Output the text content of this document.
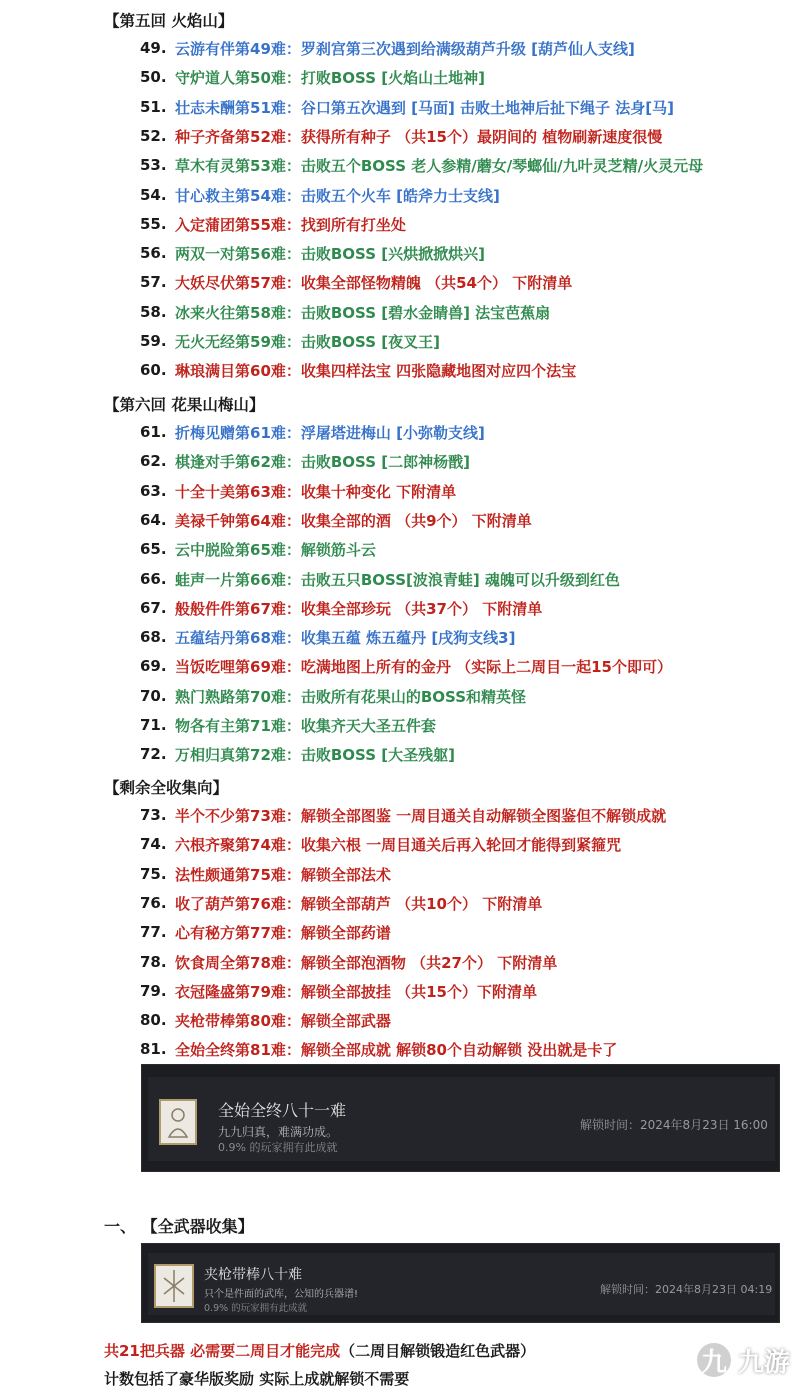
【第五回 火焰山】
【第六回 花果山梅山】
【剩余全收集向】
49. 云游有伴第49难：罗刹宫第三次遇到给满级葫芦升级 [葫芦仙人支线]
50. 守炉道人第50难：打败BOSS [火焰山土地神]
51. 壮志未酬第51难：谷口第五次遇到 [马面] 击败土地神后扯下绳子 法身[马]
52. 种子齐备第52难：获得所有种子 （共15个）最阴间的 植物刷新速度很慢
53. 草木有灵第53难：击败五个BOSS 老人参精/蘑女/琴螂仙/九叶灵芝精/火灵元母
54. 甘心救主第54难：击败五个火车 [皓斧力士支线]
55. 入定蒲团第55难：找到所有打坐处
56. 两双一对第56难：击败BOSS [兴烘掀掀烘兴]
57. 大妖尽伏第57难：收集全部怪物精魄 （共54个） 下附清单
58. 冰来火往第58难：击败BOSS [碧水金睛兽] 法宝芭蕉扇
59. 无火无经第59难：击败BOSS [夜叉王]
60. 琳琅满目第60难：收集四样法宝 四张隐藏地图对应四个法宝
61. 折梅见赠第61难：浮屠塔进梅山 [小弥勒支线]
62. 棋逢对手第62难：击败BOSS [二郎神杨戬]
63. 十全十美第63难：收集十种变化 下附清单
64. 美禄千钟第64难：收集全部的酒 （共9个） 下附清单
65. 云中脱险第65难：解锁筋斗云
66. 蛙声一片第66难：击败五只BOSS[波浪青蛙] 魂魄可以升级到红色
67. 般般件件第67难：收集全部珍玩 （共37个） 下附清单
68. 五蕴结丹第68难：收集五蕴 炼五蕴丹 [戌狗支线3]
69. 当饭吃哩第69难：吃满地图上所有的金丹 （实际上二周目一起15个即可）
70. 熟门熟路第70难：击败所有花果山的BOSS和精英怪
71. 物各有主第71难：收集齐天大圣五件套
72. 万相归真第72难：击败BOSS [大圣残躯]
73. 半个不少第73难：解锁全部图鉴 一周目通关自动解锁全图鉴但不解锁成就
74. 六根齐聚第74难：收集六根 一周目通关后再入轮回才能得到紧箍咒
75. 法性颇通第75难：解锁全部法术
76. 收了葫芦第76难：解锁全部葫芦 （共10个） 下附清单
77. 心有秘方第77难：解锁全部药谱
78. 饮食周全第78难：解锁全部泡酒物 （共27个） 下附清单
79. 衣冠隆盛第79难：解锁全部披挂 （共15个）下附清单
80. 夹枪带棒第80难：解锁全部武器
81. 全始全终第81难：解锁全部成就 解锁80个自动解锁 没出就是卡了
全始全终八十一难
九九归真，难满功成。
0.9% 的玩家拥有此成就
解锁时间：2024年8月23日 16:00
一、 【全武器收集】
夹枪带棒八十难
只个是件面的武库，公知的兵器谱!
0.9% 的玩家拥有此成就
解锁时间：2024年8月23日 04:19
共21把兵器 必需要二周目才能完成（二周目解锁锻造红色武器）
计数包括了豪华版奖励 实际上成就解锁不需要
九 九游
